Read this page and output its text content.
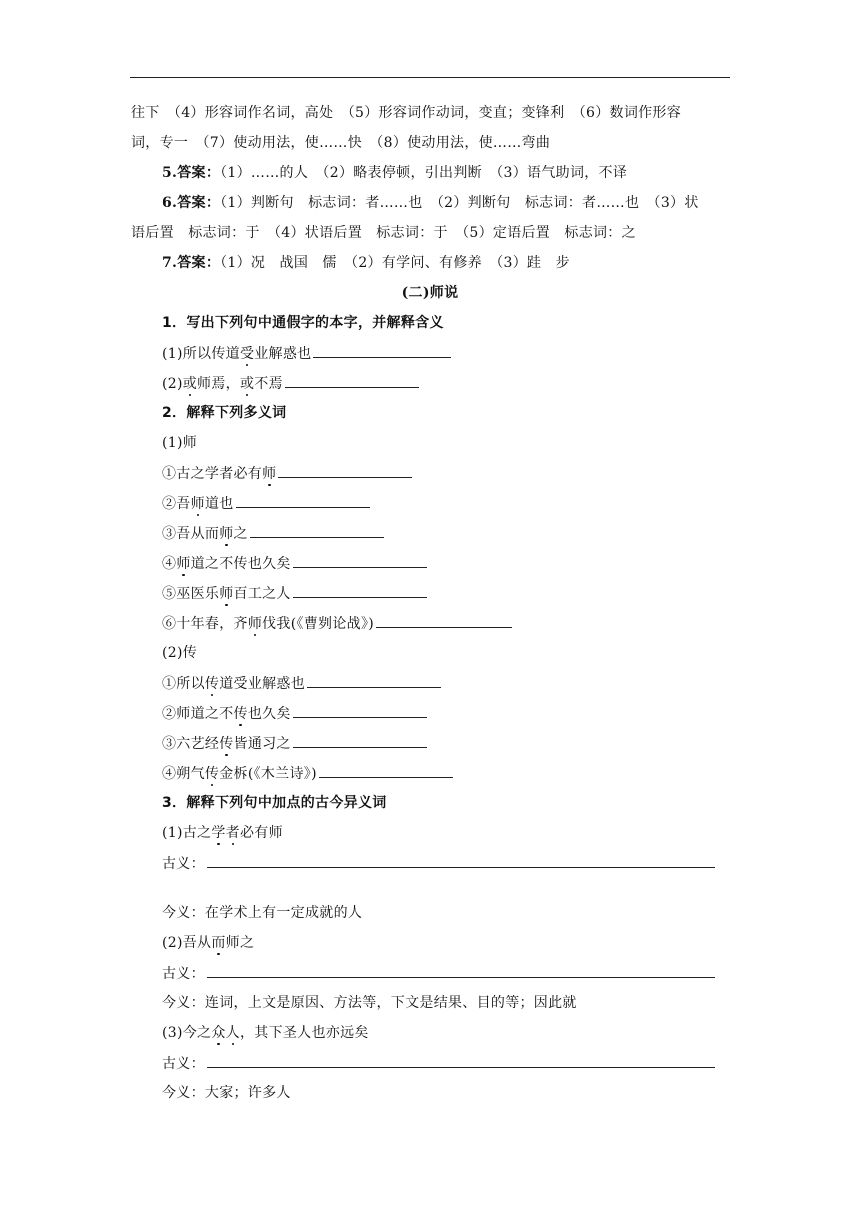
往下　（4）形容词作名词，高处　（5）形容词作动词，变直；变锋利　（6）数词作形容
词，专一　（7）使动用法，使……快　（8）使动用法，使……弯曲
5.答案：（1）……的人　（2）略表停顿，引出判断　（3）语气助词，不译
6.答案：（1）判断句　标志词：者……也　（2）判断句　标志词：者……也　（3）状
语后置　标志词：于　（4）状语后置　标志词：于　（5）定语后置　标志词：之
7.答案：（1）况　战国　儒　（2）有学问、有修养　（3）跬　步
(二)师说
1．写出下列句中通假字的本字，并解释含义
(1)所以传道受业解惑也
(2)或师焉，或不焉
2．解释下列多义词
(1)师
①古之学者必有师
②吾师道也
③吾从而师之
④师道之不传也久矣
⑤巫医乐师百工之人
⑥十年春，齐师伐我(《曹刿论战》)
(2)传
①所以传道受业解惑也
②师道之不传也久矣
③六艺经传皆通习之
④朔气传金柝(《木兰诗》)
3．解释下列句中加点的古今异义词
(1)古之学者必有师
古义：
今义：在学术上有一定成就的人
(2)吾从而师之
古义：
今义：连词，上文是原因、方法等，下文是结果、目的等；因此就
(3)今之众人，其下圣人也亦远矣
古义：
今义：大家；许多人
